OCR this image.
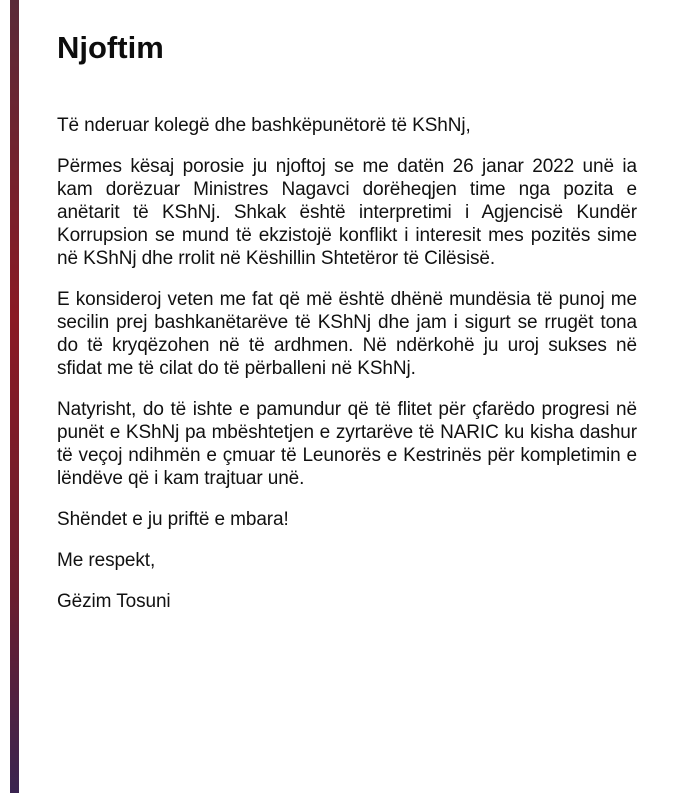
Njoftim

Të nderuar kolegë dhe bashkëpunëtorë të KShNj,

Përmes kësaj porosie ju njoftoj se me datën 26 janar 2022 unë ia kam dorëzuar Ministres Nagavci dorëheqjen time nga pozita e anëtarit të KShNj. Shkak është interpretimi i Agjencisë Kundër Korrupsion se mund të ekzistojë konflikt i interesit mes pozitës sime në KShNj dhe rrolit në Këshillin Shtetëror të Cilësisë.

E konsideroj veten me fat që më është dhënë mundësia të punoj me secilin prej bashkanëtarëve të KShNj dhe jam i sigurt se rrugët tona do të kryqëzohen në të ardhmen. Në ndërkohë ju uroj sukses në sfidat me të cilat do të përballeni në KShNj.

Natyrisht, do të ishte e pamundur që të flitet për çfarëdo progresi në punët e KShNj pa mbështetjen e zyrtarëve të NARIC ku kisha dashur të veçoj ndihmën e çmuar të Leunorës e Kestrinës për kompletimin e lëndëve që i kam trajtuar unë.

Shëndet e ju priftë e mbara!

Me respekt,

Gëzim Tosuni
